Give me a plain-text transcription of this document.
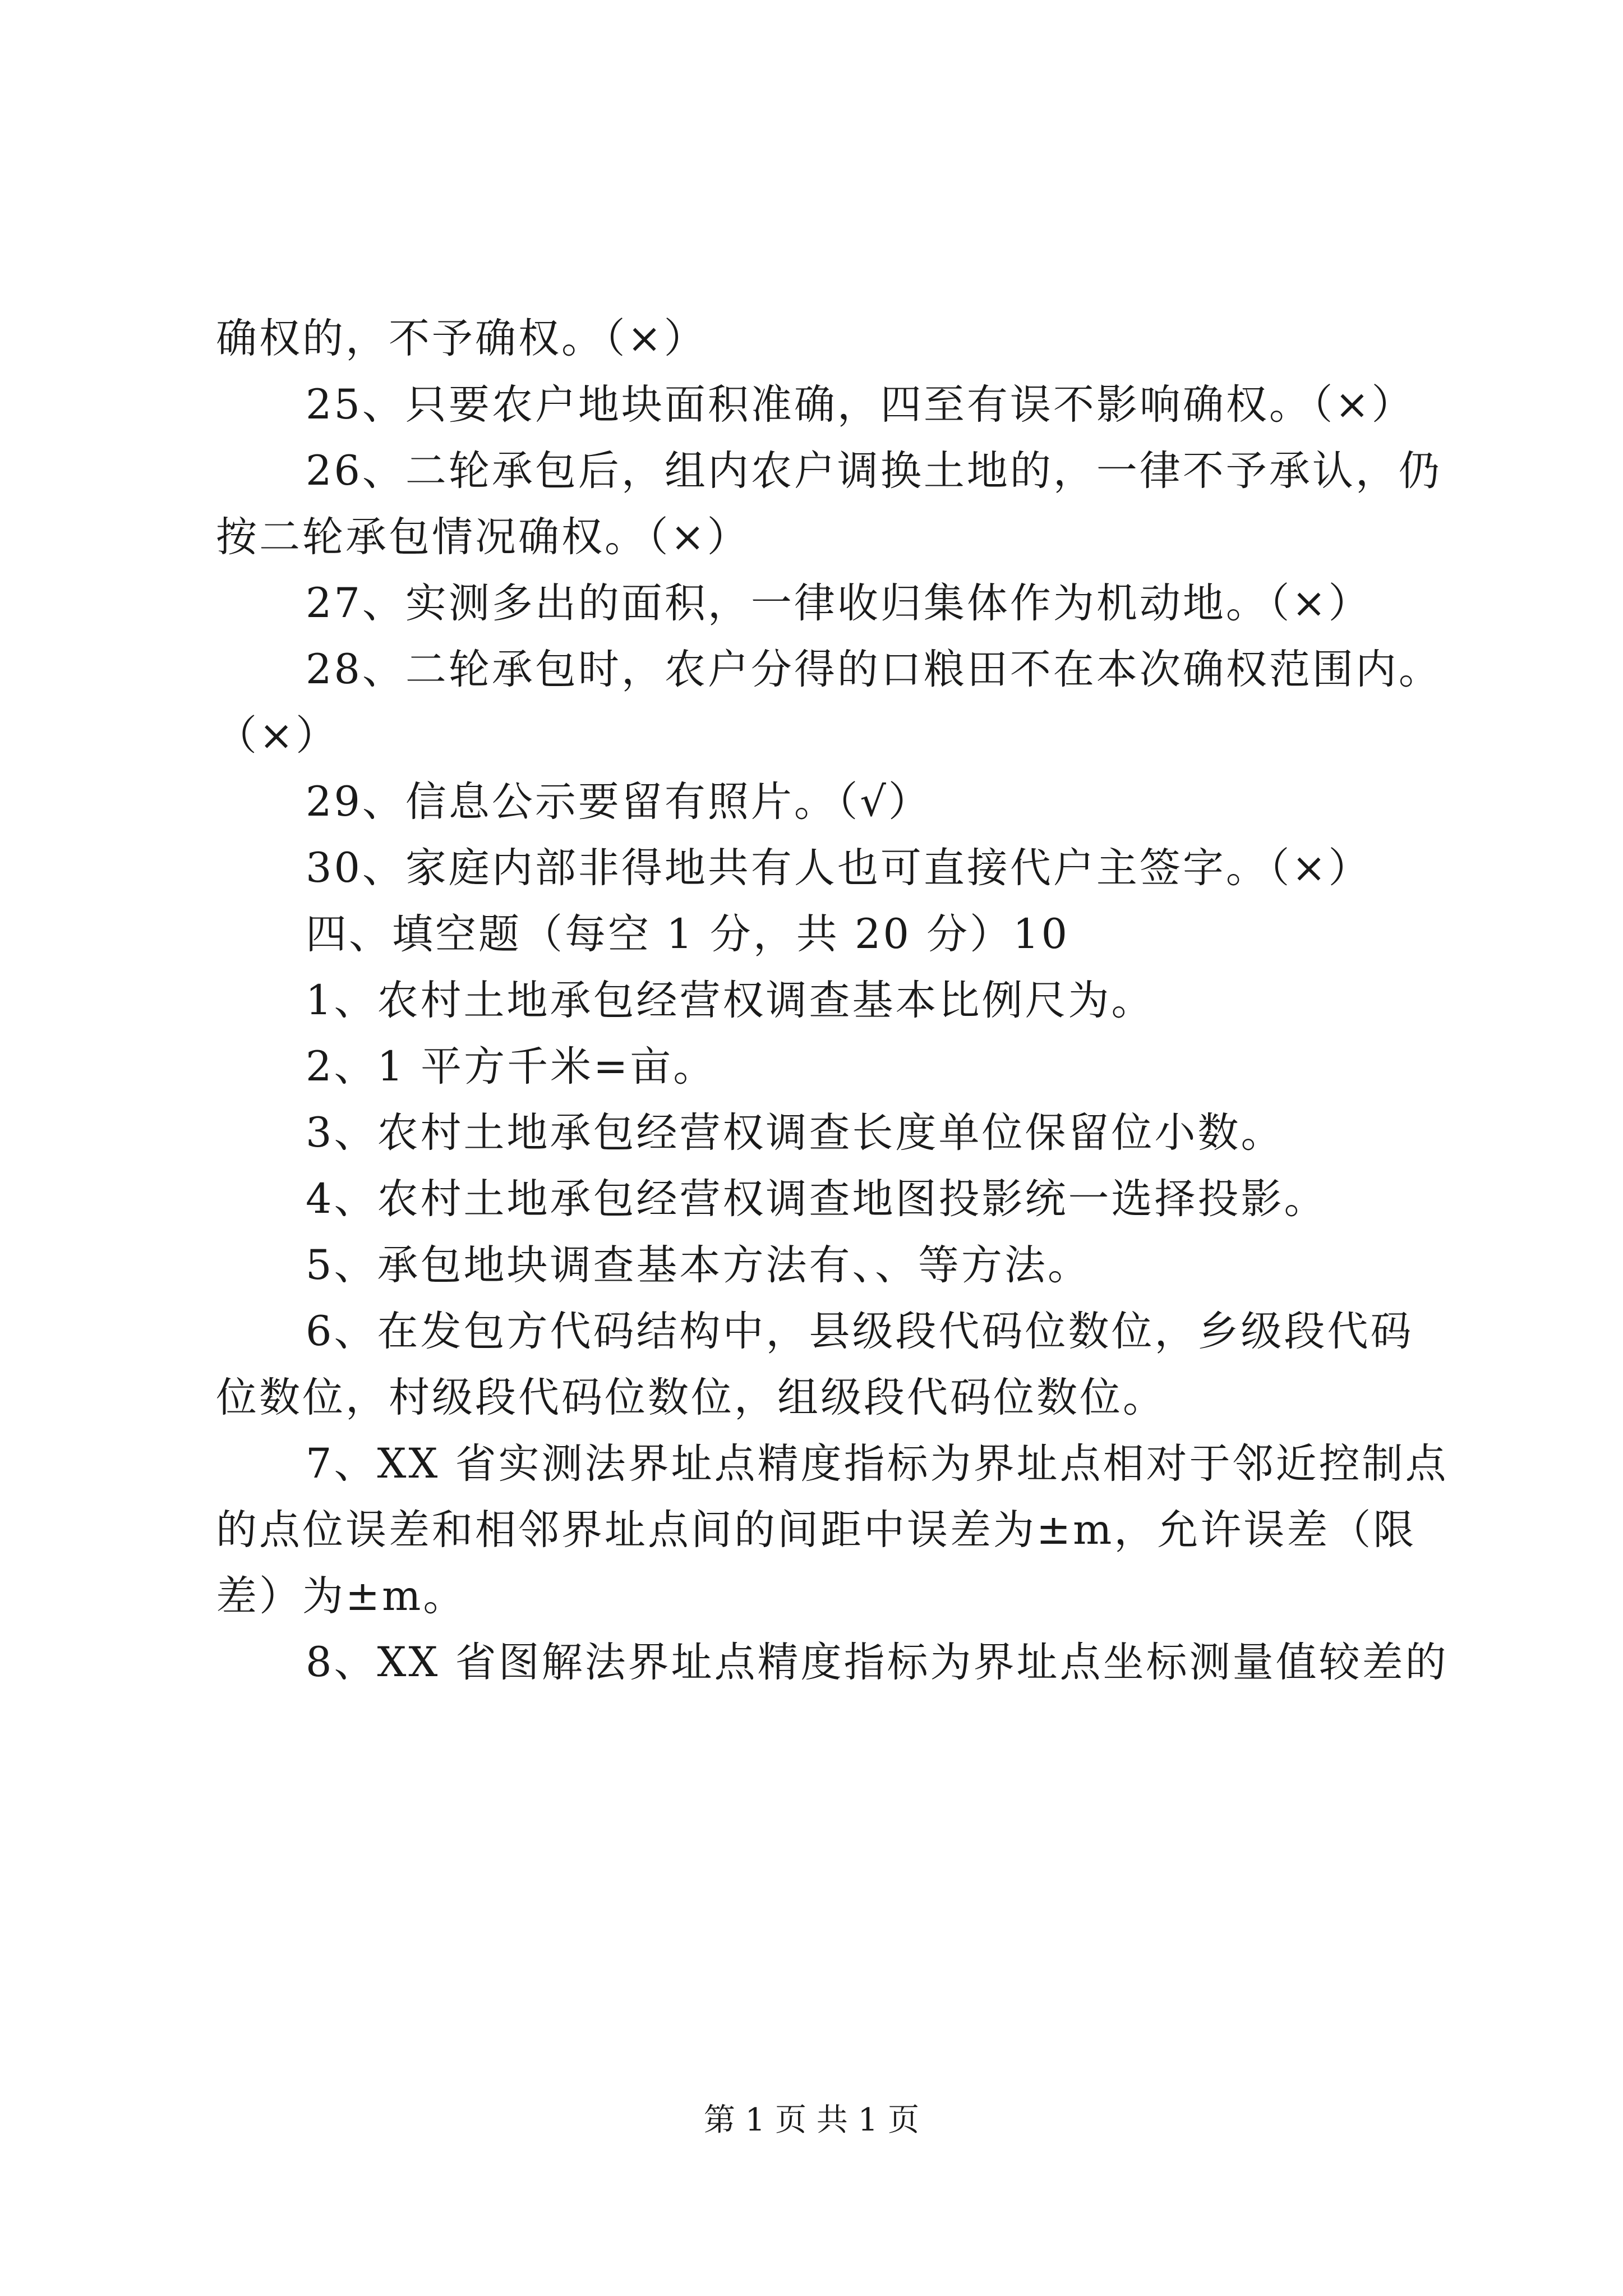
确权的，不予确权。（×）
25、只要农户地块面积准确，四至有误不影响确权。（×）
26、二轮承包后，组内农户调换土地的，一律不予承认，仍
按二轮承包情况确权。（×）
27、实测多出的面积，一律收归集体作为机动地。（×）
28、二轮承包时，农户分得的口粮田不在本次确权范围内。
（×）
29、信息公示要留有照片。（√）
30、家庭内部非得地共有人也可直接代户主签字。（×）
四、填空题（每空 1 分，共 20 分）10
1、农村土地承包经营权调查基本比例尺为。
2、1 平方千米=亩。
3、农村土地承包经营权调查长度单位保留位小数。
4、农村土地承包经营权调查地图投影统一选择投影。
5、承包地块调查基本方法有、、等方法。
6、在发包方代码结构中，县级段代码位数位，乡级段代码
位数位，村级段代码位数位，组级段代码位数位。
7、XX 省实测法界址点精度指标为界址点相对于邻近控制点
的点位误差和相邻界址点间的间距中误差为±m，允许误差（限
差）为±m。
8、XX 省图解法界址点精度指标为界址点坐标测量值较差的
第 1 页 共 1 页
